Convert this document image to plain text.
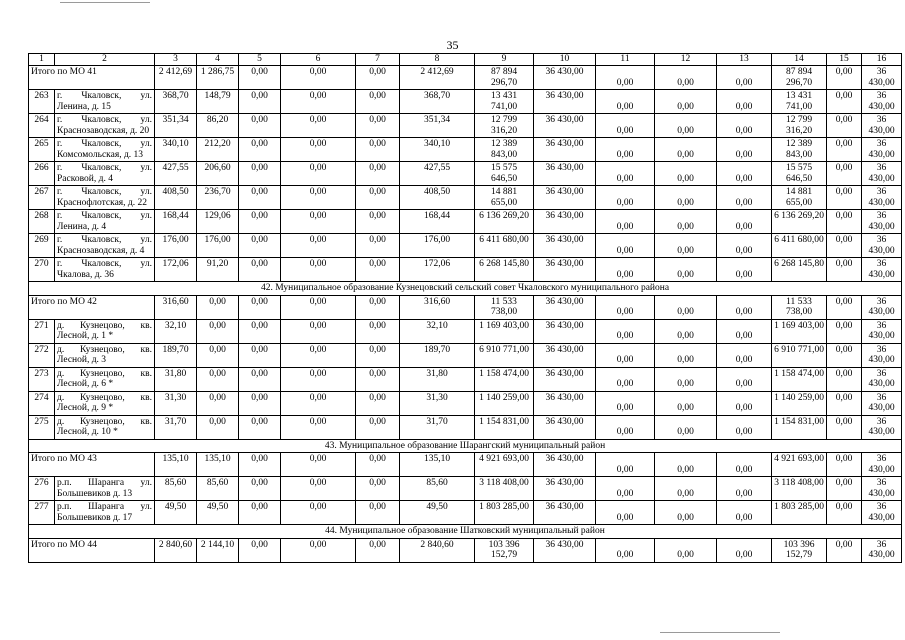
35
1	2	3	4	5	6	7	8	9	10	11	12	13	14	15	16
Итого по МО 41		2 412,69	1 286,75	0,00	0,00	0,00	2 412,69	87 894 296,70	36 430,00	0,00	0,00	0,00	87 894 296,70	0,00	36 430,00
263	г. Чкаловск, ул. Ленина, д. 15	368,70	148,79	0,00	0,00	0,00	368,70	13 431 741,00	36 430,00	0,00	0,00	0,00	13 431 741,00	0,00	36 430,00
264	г. Чкаловск, ул. Краснозаводская, д. 20	351,34	86,20	0,00	0,00	0,00	351,34	12 799 316,20	36 430,00	0,00	0,00	0,00	12 799 316,20	0,00	36 430,00
265	г. Чкаловск, ул. Комсомольская, д. 13	340,10	212,20	0,00	0,00	0,00	340,10	12 389 843,00	36 430,00	0,00	0,00	0,00	12 389 843,00	0,00	36 430,00
266	г. Чкаловск, ул. Расковой, д. 4	427,55	206,60	0,00	0,00	0,00	427,55	15 575 646,50	36 430,00	0,00	0,00	0,00	15 575 646,50	0,00	36 430,00
267	г. Чкаловск, ул. Краснофлотская, д. 22	408,50	236,70	0,00	0,00	0,00	408,50	14 881 655,00	36 430,00	0,00	0,00	0,00	14 881 655,00	0,00	36 430,00
268	г. Чкаловск, ул. Ленина, д. 4	168,44	129,06	0,00	0,00	0,00	168,44	6 136 269,20	36 430,00	0,00	0,00	0,00	6 136 269,20	0,00	36 430,00
269	г. Чкаловск, ул. Краснозаводская, д. 4	176,00	176,00	0,00	0,00	0,00	176,00	6 411 680,00	36 430,00	0,00	0,00	0,00	6 411 680,00	0,00	36 430,00
270	г. Чкаловск, ул. Чкалова, д. 36	172,06	91,20	0,00	0,00	0,00	172,06	6 268 145,80	36 430,00	0,00	0,00	0,00	6 268 145,80	0,00	36 430,00
42. Муниципальное образование Кузнецовский сельский совет Чкаловского муниципального района															
Итого по МО 42		316,60	0,00	0,00	0,00	0,00	316,60	11 533 738,00	36 430,00	0,00	0,00	0,00	11 533 738,00	0,00	36 430,00
271	д. Кузнецово, кв. Лесной, д. 1 *	32,10	0,00	0,00	0,00	0,00	32,10	1 169 403,00	36 430,00	0,00	0,00	0,00	1 169 403,00	0,00	36 430,00
272	д. Кузнецово, кв. Лесной, д. 3	189,70	0,00	0,00	0,00	0,00	189,70	6 910 771,00	36 430,00	0,00	0,00	0,00	6 910 771,00	0,00	36 430,00
273	д. Кузнецово, кв. Лесной, д. 6 *	31,80	0,00	0,00	0,00	0,00	31,80	1 158 474,00	36 430,00	0,00	0,00	0,00	1 158 474,00	0,00	36 430,00
274	д. Кузнецово, кв. Лесной, д. 9 *	31,30	0,00	0,00	0,00	0,00	31,30	1 140 259,00	36 430,00	0,00	0,00	0,00	1 140 259,00	0,00	36 430,00
275	д. Кузнецово, кв. Лесной, д. 10 *	31,70	0,00	0,00	0,00	0,00	31,70	1 154 831,00	36 430,00	0,00	0,00	0,00	1 154 831,00	0,00	36 430,00
43. Муниципальное образование Шарангский муниципальный район															
Итого по МО 43		135,10	135,10	0,00	0,00	0,00	135,10	4 921 693,00	36 430,00	0,00	0,00	0,00	4 921 693,00	0,00	36 430,00
276	р.п. Шаранга ул. Большевиков д. 13	85,60	85,60	0,00	0,00	0,00	85,60	3 118 408,00	36 430,00	0,00	0,00	0,00	3 118 408,00	0,00	36 430,00
277	р.п. Шаранга ул. Большевиков д. 17	49,50	49,50	0,00	0,00	0,00	49,50	1 803 285,00	36 430,00	0,00	0,00	0,00	1 803 285,00	0,00	36 430,00
44. Муниципальное образование Шатковский муниципальный район															
Итого по МО 44		2 840,60	2 144,10	0,00	0,00	0,00	2 840,60	103 396 152,79	36 430,00	0,00	0,00	0,00	103 396 152,79	0,00	36 430,00
